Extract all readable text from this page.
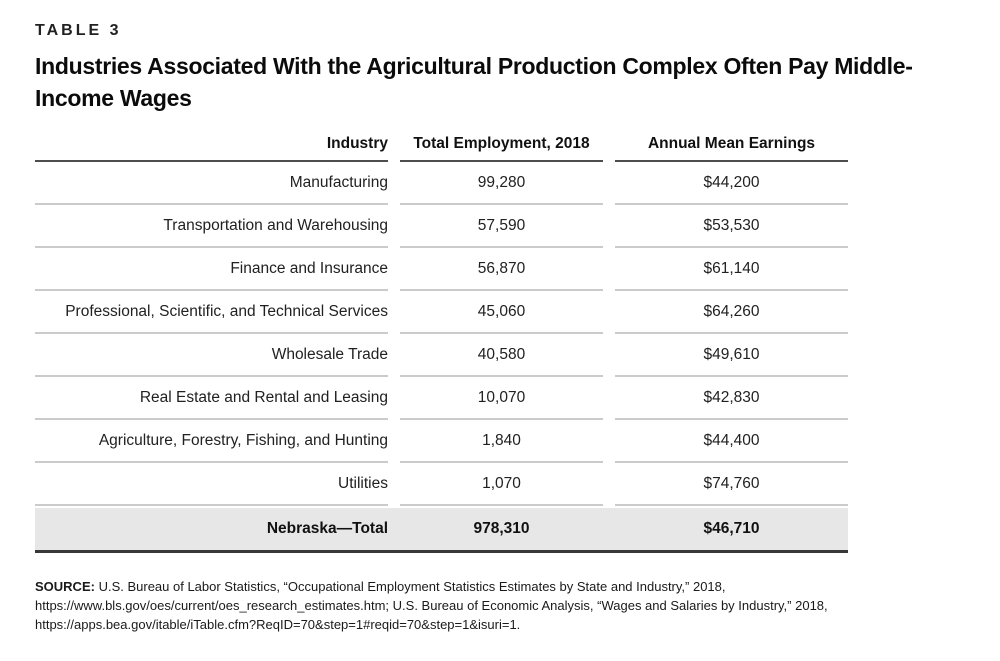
TABLE 3
Industries Associated With the Agricultural Production Complex Often Pay Middle-Income Wages
Industry	Total Employment, 2018	Annual Mean Earnings
Manufacturing	99,280	$44,200
Transportation and Warehousing	57,590	$53,530
Finance and Insurance	56,870	$61,140
Professional, Scientific, and Technical Services	45,060	$64,260
Wholesale Trade	40,580	$49,610
Real Estate and Rental and Leasing	10,070	$42,830
Agriculture, Forestry, Fishing, and Hunting	1,840	$44,400
Utilities	1,070	$74,760
Nebraska—Total	978,310	$46,710

SOURCE: U.S. Bureau of Labor Statistics, “Occupational Employment Statistics Estimates by State and Industry,” 2018, https://www.bls.gov/oes/current/oes_research_estimates.htm; U.S. Bureau of Economic Analysis, “Wages and Salaries by Industry,” 2018, https://apps.bea.gov/itable/iTable.cfm?ReqID=70&step=1#reqid=70&step=1&isuri=1.
